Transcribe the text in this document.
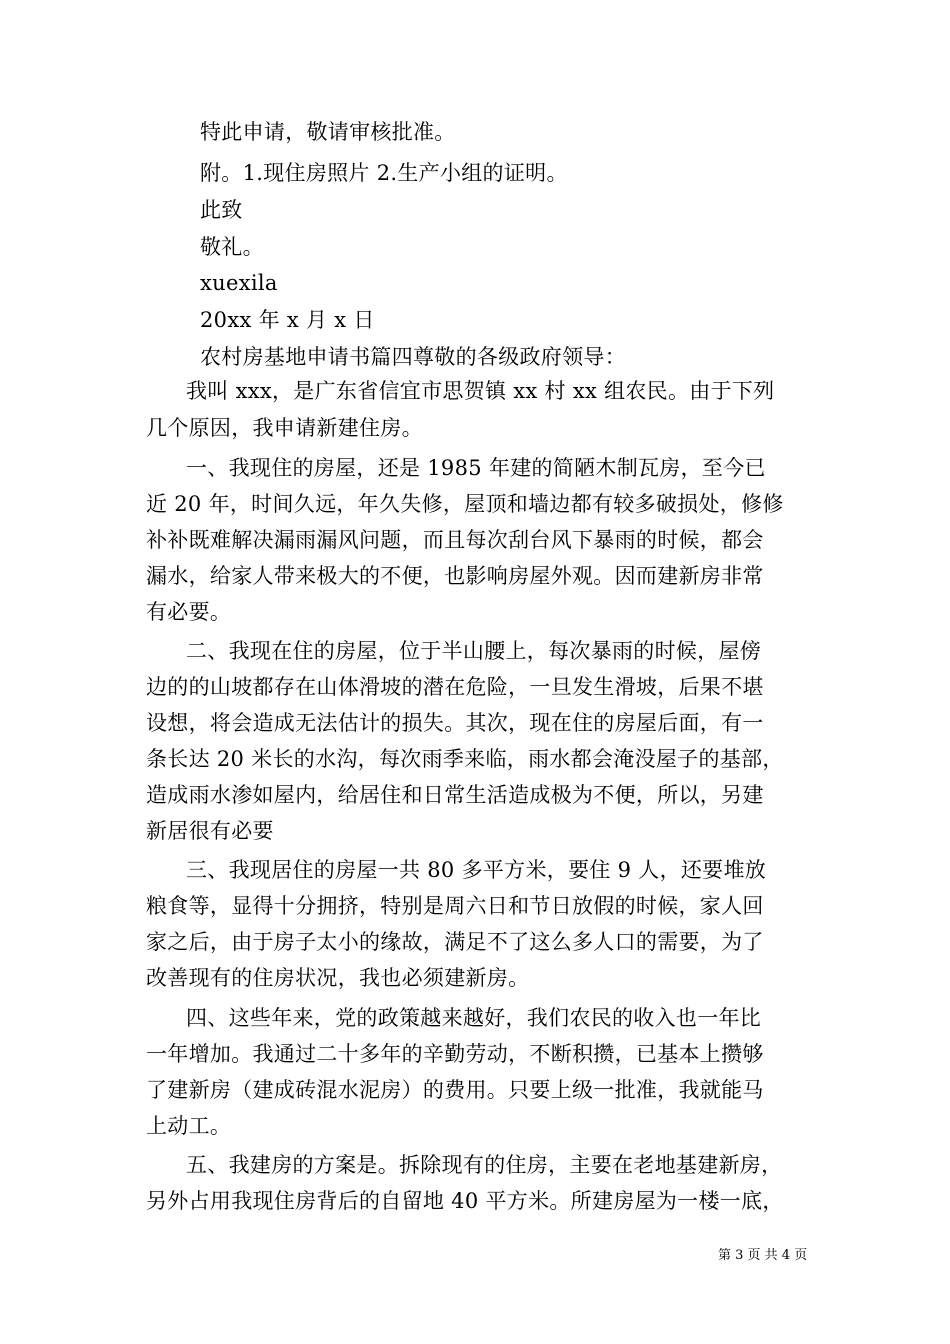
特此申请，敬请审核批准。
附。1.现住房照片 2.生产小组的证明。
此致
敬礼。
xuexila
20xx 年 x 月 x 日
农村房基地申请书篇四尊敬的各级政府领导：
我叫 xxx，是广东省信宜市思贺镇 xx 村 xx 组农民。由于下列
几个原因，我申请新建住房。
一、我现住的房屋，还是 1985 年建的简陋木制瓦房，至今已
近 20 年，时间久远，年久失修，屋顶和墙边都有较多破损处，修修
补补既难解决漏雨漏风问题，而且每次刮台风下暴雨的时候，都会
漏水，给家人带来极大的不便，也影响房屋外观。因而建新房非常
有必要。
二、我现在住的房屋，位于半山腰上，每次暴雨的时候，屋傍
边的的山坡都存在山体滑坡的潜在危险，一旦发生滑坡，后果不堪
设想，将会造成无法估计的损失。其次，现在住的房屋后面，有一
条长达 20 米长的水沟，每次雨季来临，雨水都会淹没屋子的基部，
造成雨水渗如屋内，给居住和日常生活造成极为不便，所以，另建
新居很有必要
三、我现居住的房屋一共 80 多平方米，要住 9 人，还要堆放
粮食等，显得十分拥挤，特别是周六日和节日放假的时候，家人回
家之后，由于房子太小的缘故，满足不了这么多人口的需要，为了
改善现有的住房状况，我也必须建新房。
四、这些年来，党的政策越来越好，我们农民的收入也一年比
一年增加。我通过二十多年的辛勤劳动，不断积攒，已基本上攒够
了建新房（建成砖混水泥房）的费用。只要上级一批准，我就能马
上动工。
五、我建房的方案是。拆除现有的住房，主要在老地基建新房，
另外占用我现住房背后的自留地 40 平方米。所建房屋为一楼一底，
第 3 页 共 4 页
